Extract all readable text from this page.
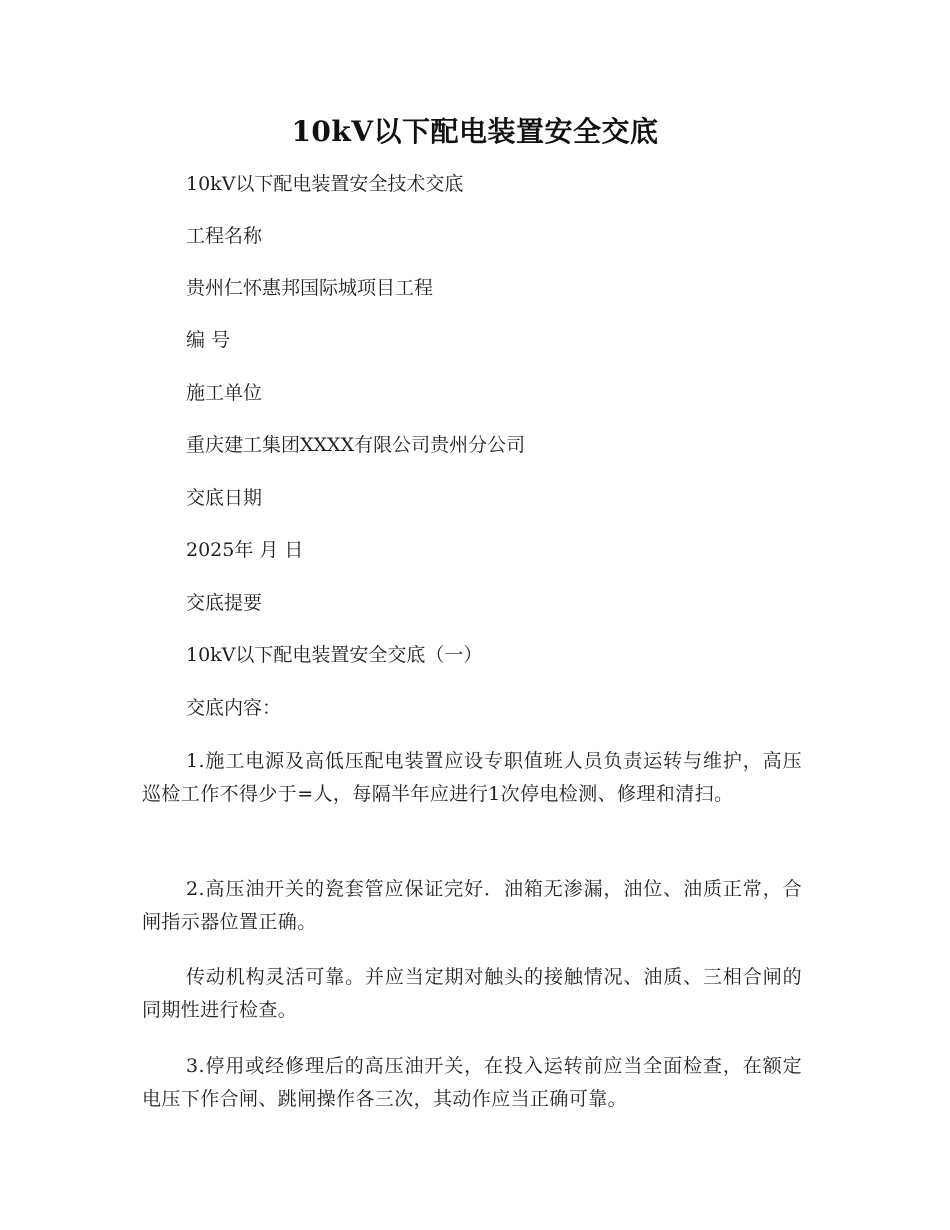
10kV以下配电装置安全交底
10kV以下配电装置安全技术交底
工程名称
贵州仁怀惠邦国际城项目工程
编 号
施工单位
重庆建工集团XXXX有限公司贵州分公司
交底日期
2025年 月 日
交底提要
10kV以下配电装置安全交底（一）
交底内容：
1.施工电源及高低压配电装置应设专职值班人员负责运转与维护，高压巡检工作不得少于=人，每隔半年应进行1次停电检测、修理和清扫。
2.高压油开关的瓷套管应保证完好．油箱无渗漏，油位、油质正常，合闸指示器位置正确。
传动机构灵活可靠。并应当定期对触头的接触情况、油质、三相合闸的同期性进行检查。
3.停用或经修理后的高压油开关，在投入运转前应当全面检查，在额定电压下作合闸、跳闸操作各三次，其动作应当正确可靠。
